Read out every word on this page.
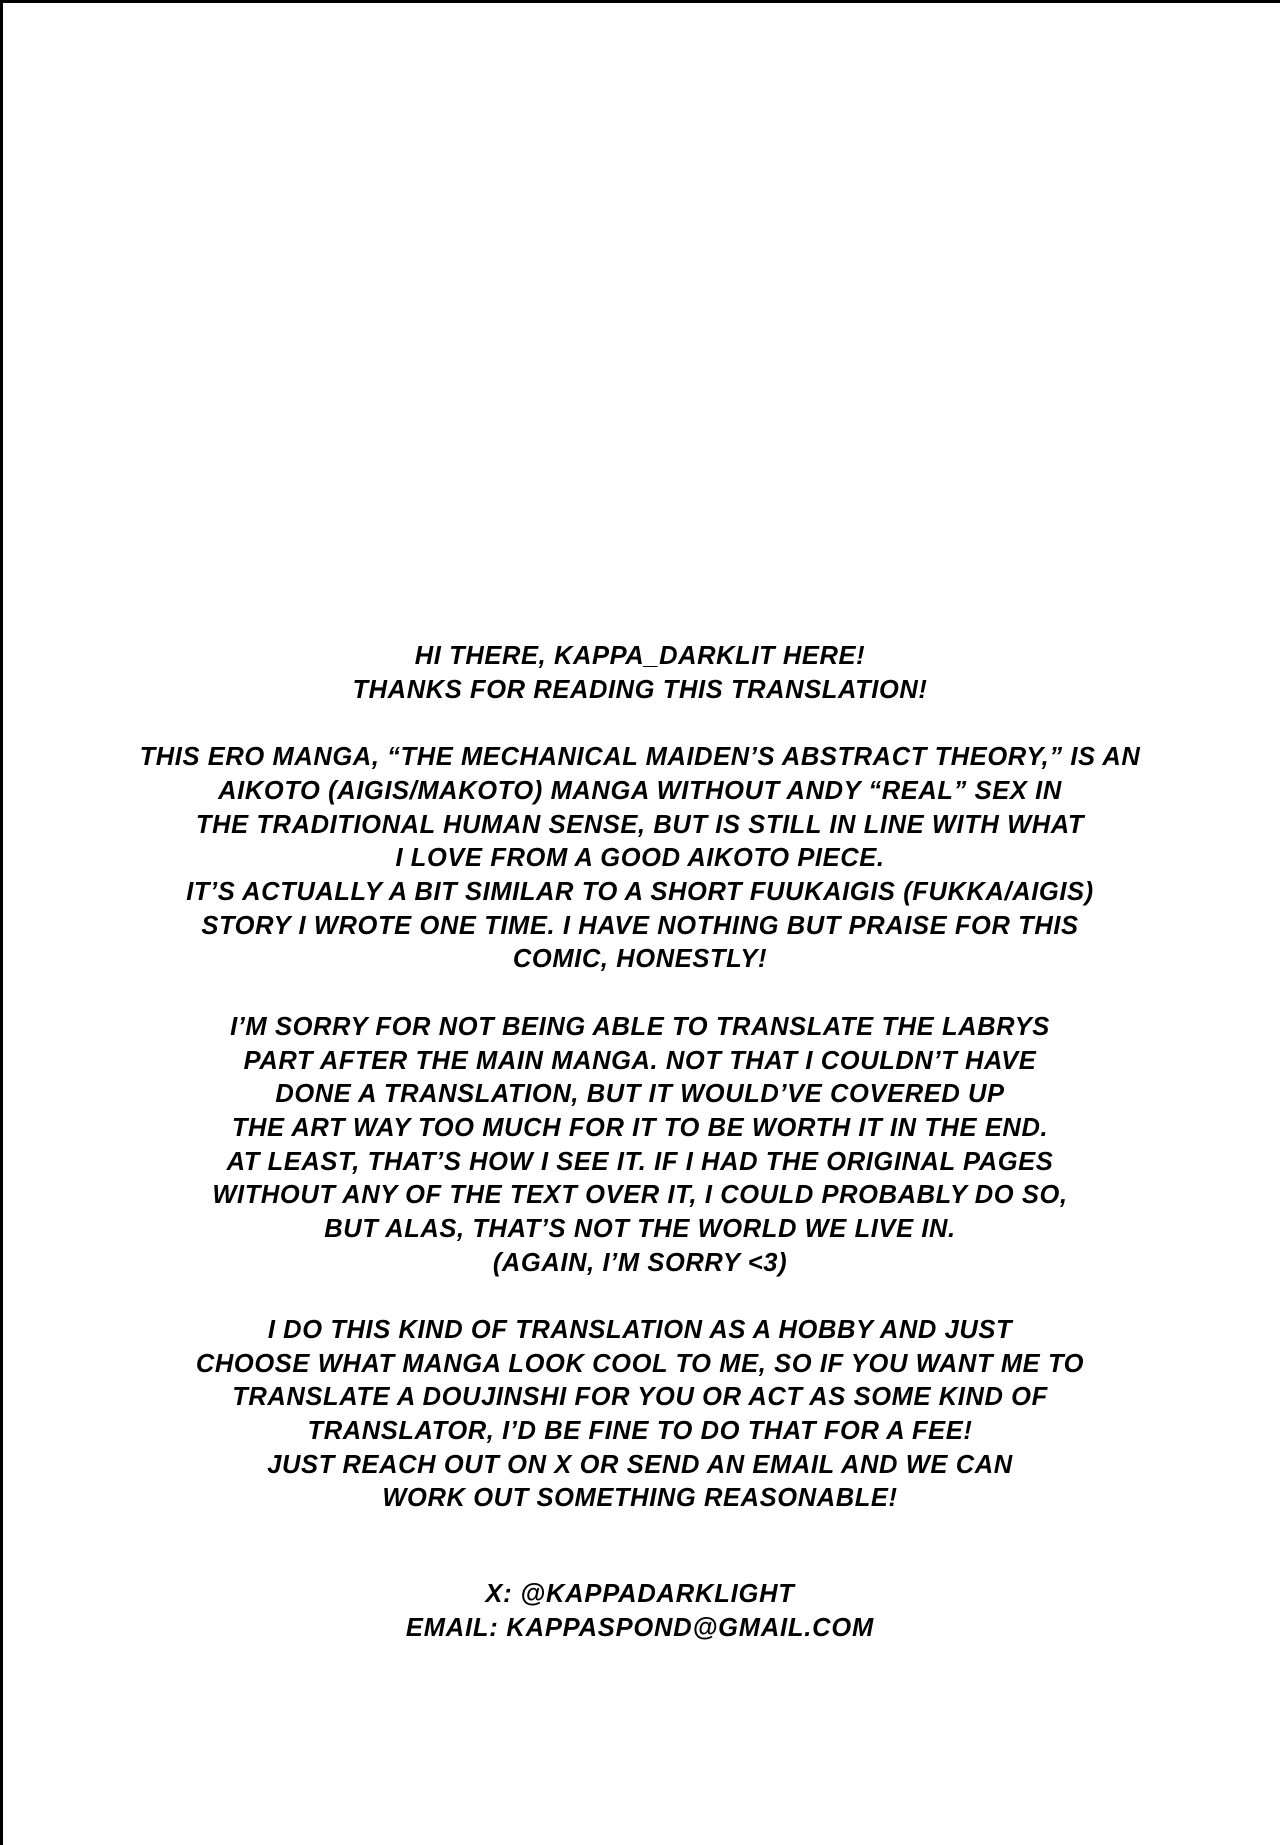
HI THERE, KAPPA_DARKLIT HERE!
THANKS FOR READING THIS TRANSLATION!
THIS ERO MANGA, “THE MECHANICAL MAIDEN’S ABSTRACT THEORY,” IS AN
AIKOTO (AIGIS/MAKOTO) MANGA WITHOUT ANDY “REAL” SEX IN
THE TRADITIONAL HUMAN SENSE, BUT IS STILL IN LINE WITH WHAT
I LOVE FROM A GOOD AIKOTO PIECE.
IT’S ACTUALLY A BIT SIMILAR TO A SHORT FUUKAIGIS (FUKKA/AIGIS)
STORY I WROTE ONE TIME. I HAVE NOTHING BUT PRAISE FOR THIS
COMIC, HONESTLY!
I’M SORRY FOR NOT BEING ABLE TO TRANSLATE THE LABRYS
PART AFTER THE MAIN MANGA. NOT THAT I COULDN’T HAVE
DONE A TRANSLATION, BUT IT WOULD’VE COVERED UP
THE ART WAY TOO MUCH FOR IT TO BE WORTH IT IN THE END.
AT LEAST, THAT’S HOW I SEE IT. IF I HAD THE ORIGINAL PAGES
WITHOUT ANY OF THE TEXT OVER IT, I COULD PROBABLY DO SO,
BUT ALAS, THAT’S NOT THE WORLD WE LIVE IN.
(AGAIN, I’M SORRY <3)
I DO THIS KIND OF TRANSLATION AS A HOBBY AND JUST
CHOOSE WHAT MANGA LOOK COOL TO ME, SO IF YOU WANT ME TO
TRANSLATE A DOUJINSHI FOR YOU OR ACT AS SOME KIND OF
TRANSLATOR, I’D BE FINE TO DO THAT FOR A FEE!
JUST REACH OUT ON X OR SEND AN EMAIL AND WE CAN
WORK OUT SOMETHING REASONABLE!
X: @KAPPADARKLIGHT
EMAIL: KAPPASPOND@GMAIL.COM
